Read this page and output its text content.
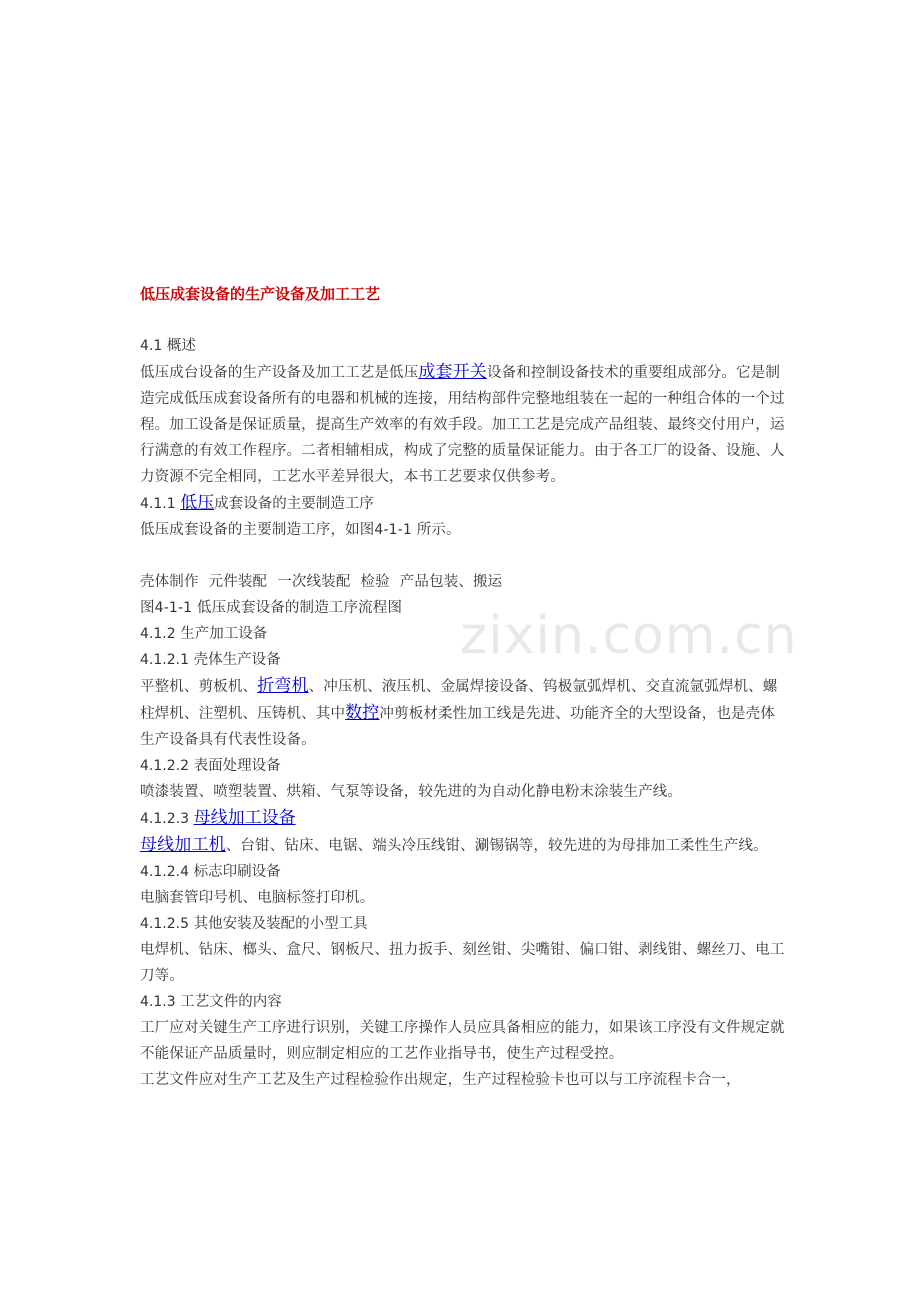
zixin.com.cn
低压成套设备的生产设备及加工工艺
4.1 概述

低压成台设备的生产设备及加工工艺是低压成套开关设备和控制设备技术的重要组成部分。它是制造完成低压成套设备所有的电器和机械的连接，用结构部件完整地组装在一起的一种组合体的一个过程。加工设备是保证质量，提高生产效率的有效手段。加工工艺是完成产品组装、最终交付用户，运行满意的有效工作程序。二者相辅相成，构成了完整的质量保证能力。由于各工厂的设备、设施、人力资源不完全相同，工艺水平差异很大，本书工艺要求仅供参考。

4.1.1 低压成套设备的主要制造工序

低压成套设备的主要制造工序，如图4-1-1 所示。

壳体制作 元件装配 一次线装配 检验 产品包装、搬运

图4-1-1 低压成套设备的制造工序流程图

4.1.2 生产加工设备
4.1.2.1 壳体生产设备

平整机、剪板机、折弯机、冲压机、液压机、金属焊接设备、钨极氩弧焊机、交直流氩弧焊机、螺柱焊机、注塑机、压铸机、其中数控冲剪板材柔性加工线是先进、功能齐全的大型设备，也是壳体生产设备具有代表性设备。

4.1.2.2 表面处理设备

喷漆装置、喷塑装置、烘箱、气泵等设备，较先进的为自动化静电粉末涂装生产线。

4.1.2.3 母线加工设备

母线加工机、台钳、钻床、电锯、端头冷压线钳、涮锡锅等，较先进的为母排加工柔性生产线。

4.1.2.4 标志印刷设备

电脑套管印号机、电脑标签打印机。

4.1.2.5 其他安装及装配的小型工具

电焊机、钻床、榔头、盒尺、钢板尺、扭力扳手、刻丝钳、尖嘴钳、偏口钳、剥线钳、螺丝刀、电工刀等。

4.1.3 工艺文件的内容

工厂应对关键生产工序进行识别，关键工序操作人员应具备相应的能力，如果该工序没有文件规定就不能保证产品质量时，则应制定相应的工艺作业指导书，使生产过程受控。

工艺文件应对生产工艺及生产过程检验作出规定，生产过程检验卡也可以与工序流程卡合一，
